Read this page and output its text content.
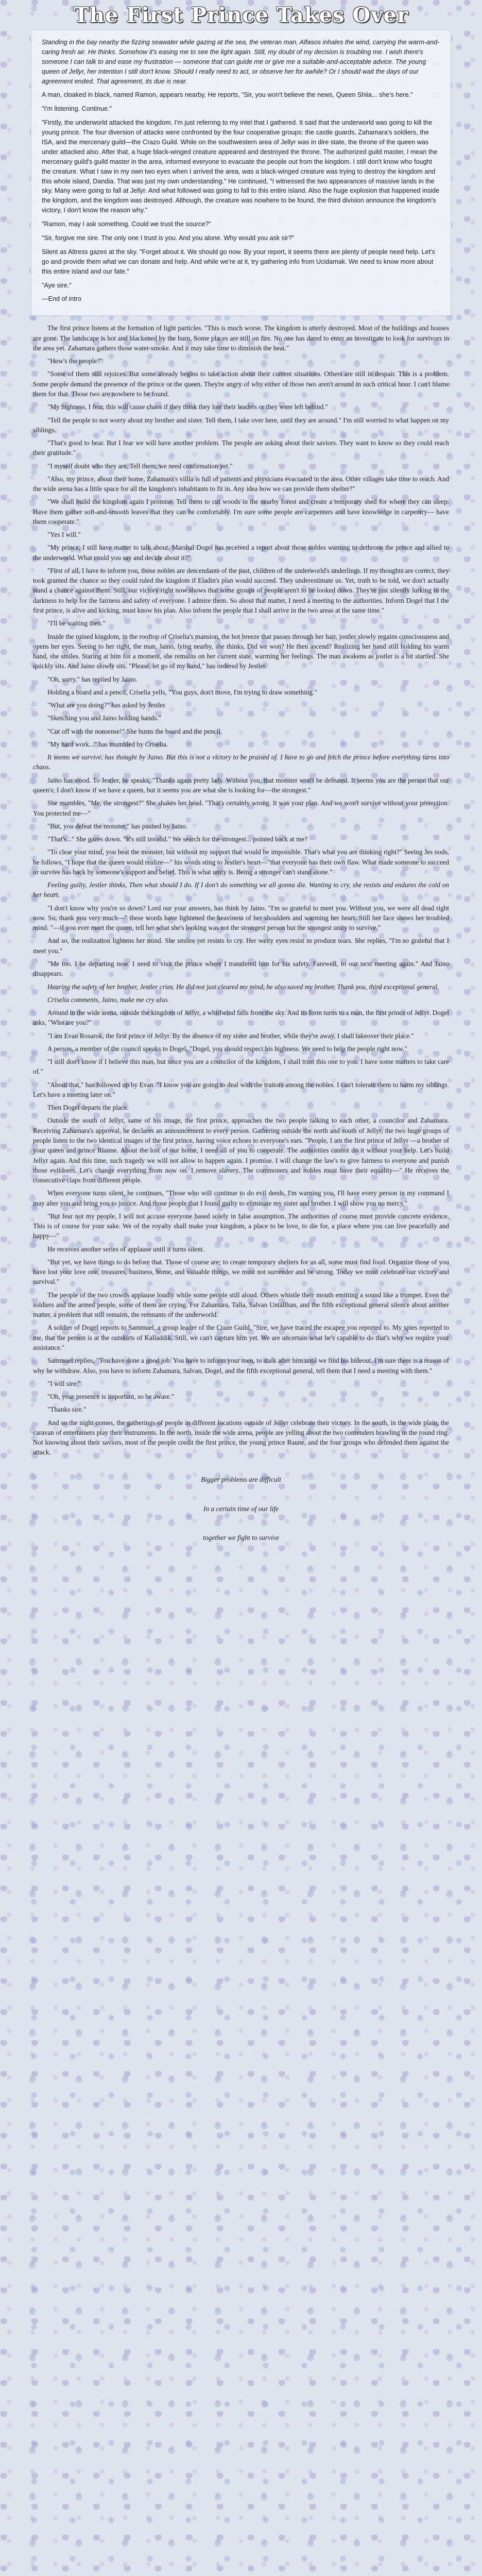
The First Prince Takes Over

Standing in the bay nearby the fizzing seawater while gazing at the sea, the veteran man, Alfasos inhales the wind, carrying the warm-and-caring fresh air. He thinks. Somehow it's easing me to see the light again. Still, my doubt of my decision is troubling me. I wish there's someone I can talk to and ease my frustration — someone that can guide me or give me a suitable-and-acceptable advice. The young queen of Jellyr, her intention I still don't know. Should I really need to act, or observe her for awhile? Or I should wait the days of our agreement ended. That agreement, its due is near.

A man, cloaked in black, named Ramon, appears nearby. He reports, "Sir, you won't believe the news, Queen Shiia... she's here."

"I'm listening. Continue."

"Firstly, the underworld attacked the kingdom. I'm just referring to my intel that I gathered. It said that the underworld was going to kill the young prince. The four diversion of attacks were confronted by the four cooperative groups: the castle guards, Zahamara's soldiers, the ISA, and the mercenary guild—the Crazo Guild. While on the southwestern area of Jellyr was in dire state, the throne of the queen was under attacked also. After that, a huge black-winged creature appeared and destroyed the throne. The authorized guild master, I mean the mercenary guild's guild master in the area, informed everyone to evacuate the people out from the kingdom. I still don't know who fought the creature. What I saw in my own two eyes when I arrived the area, was a black-winged creature was trying to destroy the kingdom and this whole island, Dandia. That was just my own understanding." He continued, "I witnessed the two appearances of massive lands in the sky. Many were going to fall at Jellyr. And what followed was going to fall to this entire island. Also the huge explosion that happened inside the kingdom, and the kingdom was destroyed. Although, the creature was nowhere to be found, the third division announce the kingdom's victory, I don't know the reason why."

"Ramon, may I ask something. Could we trust the source?"

"Sir, forgive me sire. The only one I trust is you. And you alone. Why would you ask sir?"

Silent as Altress gazes at the sky. "Forget about it. We should go now. By your report, it seems there are plenty of people need help. Let's go and provide them what we can donate and help. And while we're at it, try gathering info from Ucidamak. We need to know more about this entire island and our fate."

"Aye sire."

—End of intro

The first prince listens at the formation of light particles. "This is much worse. The kingdom is utterly destroyed. Most of the buildings and houses are gone. The landscape is hot and blackened by the burn. Some places are still on fire. No one has dared to enter an investigate to look for survivors in the area yet. Zahamara gathers those water-smoke. And it may take time to diminish the heat."

"How's the people?"

"Some of them still rejoices. But some already begins to take action about their current situations. Others are still in despair. This is a problem. Some people demand the presence of the prince or the queen. They're angry of why either of those two aren't around in such critical hour. I can't blame them for that. Those two are nowhere to be found.

"My highness, I fear, this will cause chaos if they think they lost their leaders or they were left behind."

"Tell the people to not worry about my brother and sister. Tell them, I take over here, until they are around." I'm still worried to what happen on my siblings.

"That's good to hear. But I fear we will have another problem. The people are asking about their saviors. They want to know so they could reach their gratitude."

"I myself doubt who they are. Tell them, we need confirmation yet."

"Also, my prince, about their home, Zahamara's villla is full of patients and physicians evacuated in the area. Other villages take time to reach. And the wide arena has a little space for all the kingdom's inhabitants to fit in. Any idea how we can provide them shelter?"

"We shall build the kingdom again I promise. Tell them to cut woods in the nearby forest and create a temporary shed for where they can sleep. Have them gather soft-and-smooth leaves that they can be comfortably. I'm sure some people are carpenters and have knowledge in carpentry— have them cooperate."

"Yes I will."

"My prince, I still have matter to talk about. Marshal Dogel has received a report about those nobles wanting to dethrone the prince and allied to the underworld. What could you say and decide about it?"

"First of all, I have to inform you, those nobles are descendants of the past, children of the underworld's underlings. If my thoughts are correct, they took granted the chance so they could ruled the kingdom if Eladin's plan would succeed. They underestimate us. Yet, truth to be told, we don't actually stand a chance against them. Still, our victory right now shows that some groups of people aren't to be looked down. They're just silently lurking in the darkness to help for the fairness and safety of everyone. I admire them. So about that matter, I need a meeting to the authorities. Inform Dogel that I the first prince, is alive and kicking, must know his plan. Also inform the people that I shall arrive in the two areas at the same time."

"I'll be waiting then."

Inside the ruined kingdom, in the rooftop of Criselia's mansion, the hot breeze that passes through her hair, jostler slowly regains consciousness and opens her eyes. Seeing to her right, the man, Jaino, lying nearby, she thinks, Did we won? He then ascend? Realizing her hand still holding his warm hand, she smiles. Staring at him for a moment, she remains on her current state, warming her feelings. The man awakens as jostler is a bit startled. She quickly sits. And Jaino slowly sits. "Please, let go of my hand," has ordered by Jestler.

"Oh, sorry," has replied by Jaino.

Holding a board and a pencil, Criselia yells, "You guys, don't move, I'm trying to draw something."

"What are you doing?" has asked by Jestler.

"Sketching you and Jaino holding hands."

"Cut off with the nonsense!" She burns the board and the pencil.

"My hard work..." has mumbled by Criselia.

It seems we survive, has thought by Jaino. But this is not a victory to be praised of. I have to go and fetch the prince before everything turns into chaos.

Jaino has stood. To Jestler, he speaks, "Thanks again pretty lady. Without you, that monster won't be defeated. It seems you are the person that our queen's; I don't know if we have a queen, but it seems you are what she is looking for—the strongest."

She mumbles, "Me, the strongest?" She shakes her head. "That's certainly wrong. It was your plan. And we won't survive without your protection. You protected me—"

"But, you defeat the monster," has pushed by Jaino.

"That's..." She gazes down. "It's still invalid." We search for the strongest... pointed back at me?

"To clear your mind, you beat the monster, but without my support that would be impossible. That's what you are thinking right?" Seeing Jes nods, he follows, "I hope that the queen would realize—" his words sting to Jestler's heart—"that everyone has their own flaw. What made someone to succeed or survive has back by someone's support and belief. This is what unity is. Being a stronger can't stand alone."

Feeling guilty, Jestler thinks, Then what should I do. If I don't do something we all gonna die. Wanting to cry, she resists and endures the cold on her heart.

"I don't know why you're so down? Lord our your answers, has think by Jaino. "I'm so grateful to meet you. Without you, we were all dead right now. So, thank you very much—" these words have lightened the heaviness of her shoulders and warming her heart. Still her face shows her troubled mind. "—if you ever meet the queen, tell her what she's looking was not the strongest person but the strongest unity to survive."

And so, the realization lightens her mind. She smiles yet resists to cry. Her welty eyes resist to produce tears. She replies, "I'm so grateful that I meet you."

"Me too. I be departing now. I need to visit the prince where I transfered him for his safety. Farewell, to our next meeting again." And Jaino disappears.

Hearing the safety of her brother, Jestler cries. He did not just cleared my mind, he also saved my brother. Thank you, third exceptional general.

Criselia comments, Jaino, make me cry also.

Around in the wide arena, outside the kingdom of Jellyr, a whirlwind falls from the sky. And its form turns to a man, the first prince of Jellyr. Dogel asks, "Who are you?"

"I am Evan Rosarok, the first prince of Jellyr. By the absence of my sister and brother, while they're away, I shall takeover their place."

A person, a member of the council speaks to Dogel, "Dogel, you should respect his highness. We need to help the people right now."

"I still don't know if I believe this man, but since you are a councilor of the kingdom, I shall trust this one to you. I have some matters to take care of."

"About that," has followed up by Evan. "I know you are going to deal with the traitors among the nobles. I can't tolerate them to harm my siblings. Let's have a meeting later on."

Then Dogel departs the place.

Outside the south of Jellyr, same of his image, the first prince, approaches the two people talking to each other, a councilor and Zahamara. Receiving Zahamara's approval, he declares an announcement to every person. Gathering outside the north and south of Jellyr, the two huge groups of people listen to the two identical images of the first prince, having voice echoes to everyone's ears. "People, I am the first prince of Jellyr —a brother of your queen and prince Rianne. About the lost of our home, I need all of you to cooperate. The authorities cannot do it without your help. Let's build Jellyr again. And this time, such tragedy we will not allow to happen again. I promise. I will change the law's to give fairness to everyone and punish those evildoers. Let's change everything from now on. I remove slavery. The commoners and nobles must have their equality—" He receives the consecutive claps from different people.

When everyone turns silent, he continues, "Those who will continue to do evil deeds, I'm warning you, I'll have every person in my command I may alter you and bring you to justice. And those people that I found guilty to eliminate my sister and brother. I will show you no mercy."

"But fear not my people, I will not accuse everyone based solely in false assumption. The authorities of course must provide concrete evidence. This is of course for your sake. We of the royalty shall make your kingdom, a place to be love, to die for, a place where you can live peacefully and happy—"

He receives another series of applause until it turns silent.

"But yet, we have things to do before that. Those of course are; to create temporary shelters for us all, some must find food. Organize those of you have lost your love one, treasures, business, home, and valuable things, we must not surrender and be strong. Today we must celebrate our victory and survival."

The people of the two crowds applause loudly while some people still aloud. Others whistle their mouth emitting a sound like a trumpet. Even the soldiers and the armed people, some of them are crying. For Zahamara, Talla, Salvan Untallhan, and the fifth exceptional general silence about another matter, a problem that still remains, the remnants of the underworld.

A soldier of Dogel reports to Sammuel, a group leader of the Craze Guild, "Sire, we have traced the escapee you reported to. My spies reported to me, that the person is at the outskirts of Kalladdik. Still, we can't capture him yet. We are uncertain what he's capable to do that's why we require your assistance."

Sammuel replies, "You have done a good job. You have to inform your men, to stalk after him until we find his hideout. I'm sure there is a reason of why he withdraw. Also, you have to inform Zahamara, Salvan, Dogel, and the fifth exceptional general, tell them that I need a meeting with them."

"I will sire."

"Oh, your presence is important, so be aware."

"Thanks sire."

And so the night comes, the gatherings of people in different locations outside of Jellyr celebrate their victory. In the south, in the wide plain, the caravan of entertainers play their instruments. In the north, inside the wide arena, people are yelling about the two contenders brawling in the round ring. Not knowing about their saviors, most of the people credit the first prince, the young prince Raune, and the four groups who defended them against the attack.

Bigger problems are difficult

In a certain time of our life

together we fight to survive
